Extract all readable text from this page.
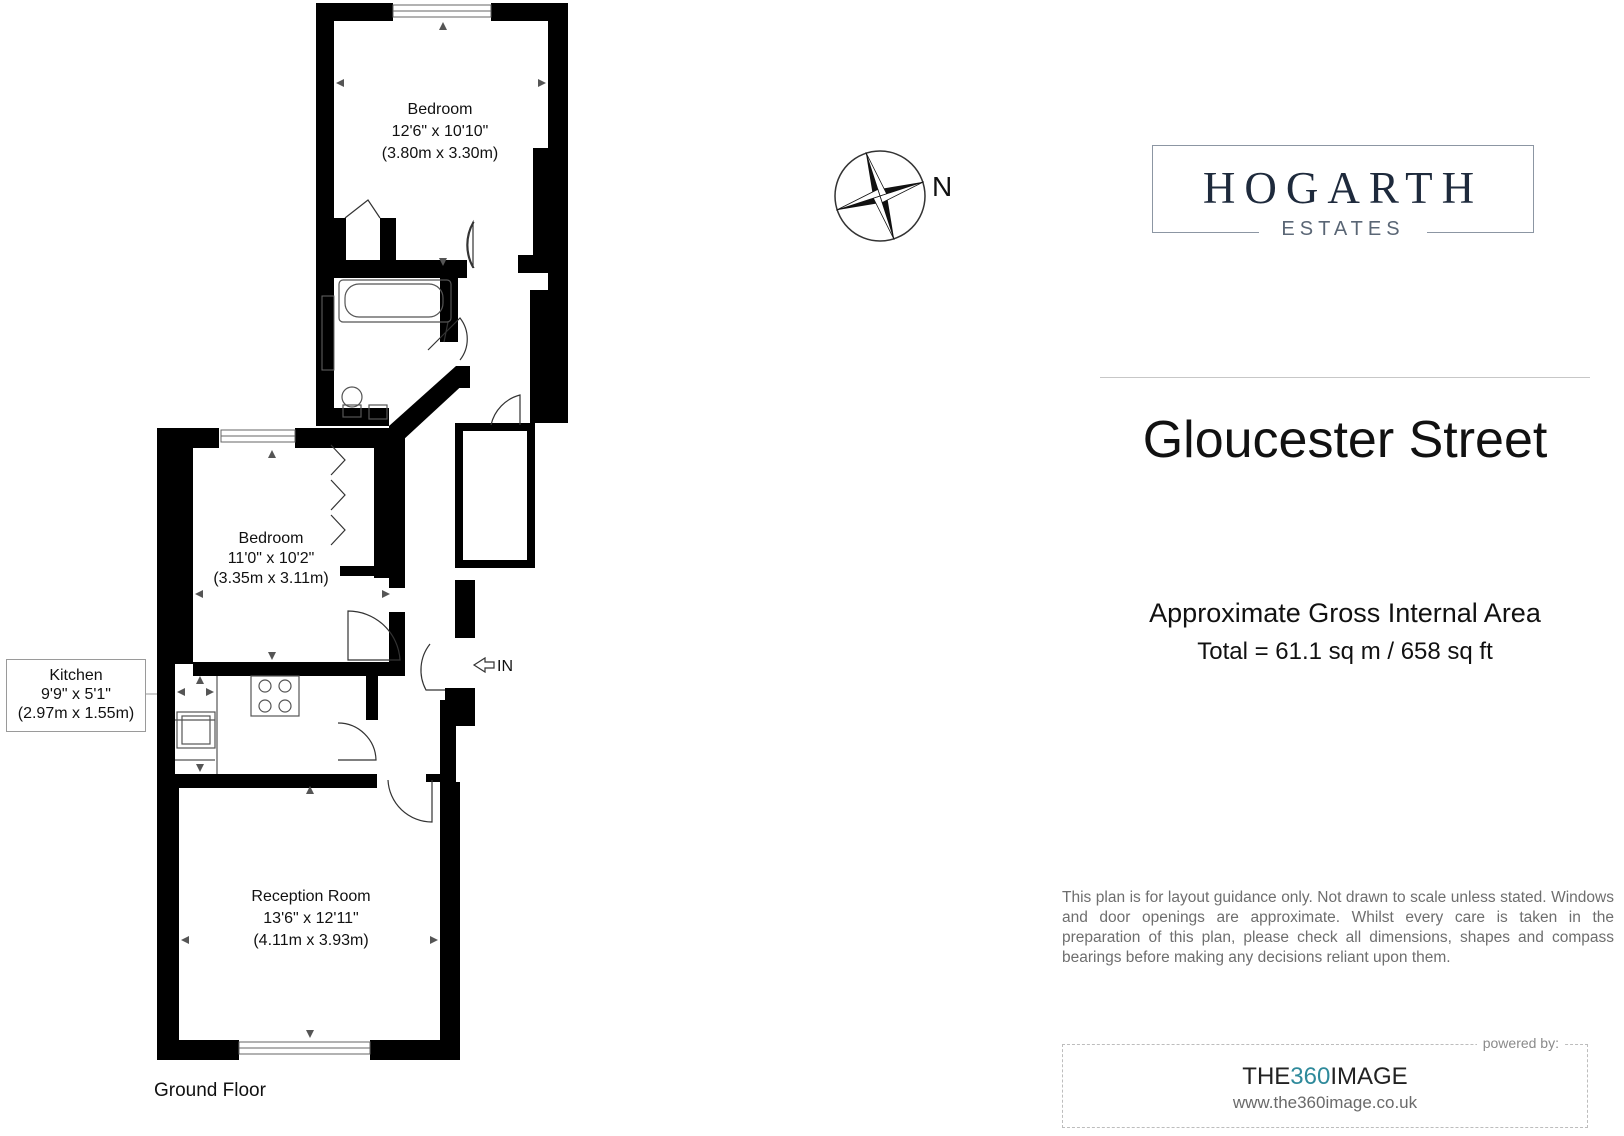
IN
Bedroom
12'6" x 10'10"
(3.80m x 3.30m)
Bedroom
11'0" x 10'2"
(3.35m x 3.11m)
Reception Room
13'6" x 12'11"
(4.11m x 3.93m)
Ground Floor
N
Kitchen
9'9" x 5'1"
(2.97m x 1.55m)
HOGARTH
ESTATES
Gloucester Street
Approximate Gross Internal Area
Total = 61.1 sq m / 658 sq ft
This plan is for layout guidance only. Not drawn to scale unless stated. Windows and door openings are approximate. Whilst every care is taken in the preparation of this plan, please check all dimensions, shapes and compass bearings before making any decisions reliant upon them.
powered by:
THE360IMAGE
www.the360image.co.uk
